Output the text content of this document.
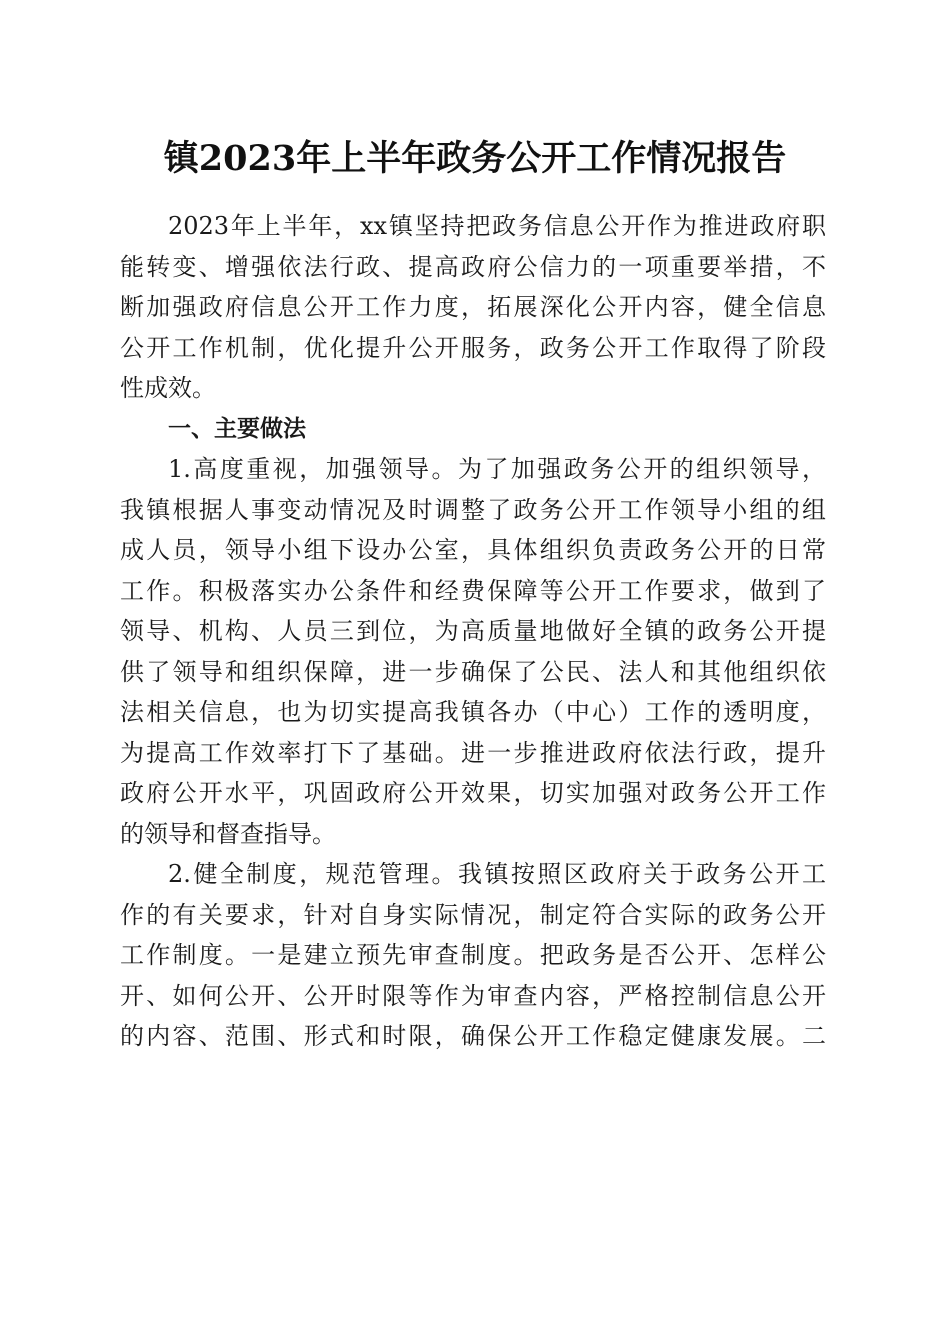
镇2023年上半年政务公开工作情况报告
2023年上半年，xx镇坚持把政务信息公开作为推进政府职
能转变、增强依法行政、提高政府公信力的一项重要举措，不
断加强政府信息公开工作力度，拓展深化公开内容，健全信息
公开工作机制，优化提升公开服务，政务公开工作取得了阶段
性成效。
一、主要做法
1.高度重视，加强领导。为了加强政务公开的组织领导，
我镇根据人事变动情况及时调整了政务公开工作领导小组的组
成人员，领导小组下设办公室，具体组织负责政务公开的日常
工作。积极落实办公条件和经费保障等公开工作要求，做到了
领导、机构、人员三到位，为高质量地做好全镇的政务公开提
供了领导和组织保障，进一步确保了公民、法人和其他组织依
法相关信息，也为切实提高我镇各办（中心）工作的透明度，
为提高工作效率打下了基础。进一步推进政府依法行政，提升
政府公开水平，巩固政府公开效果，切实加强对政务公开工作
的领导和督查指导。
2.健全制度，规范管理。我镇按照区政府关于政务公开工
作的有关要求，针对自身实际情况，制定符合实际的政务公开
工作制度。一是建立预先审查制度。把政务是否公开、怎样公
开、如何公开、公开时限等作为审查内容，严格控制信息公开
的内容、范围、形式和时限，确保公开工作稳定健康发展。二
